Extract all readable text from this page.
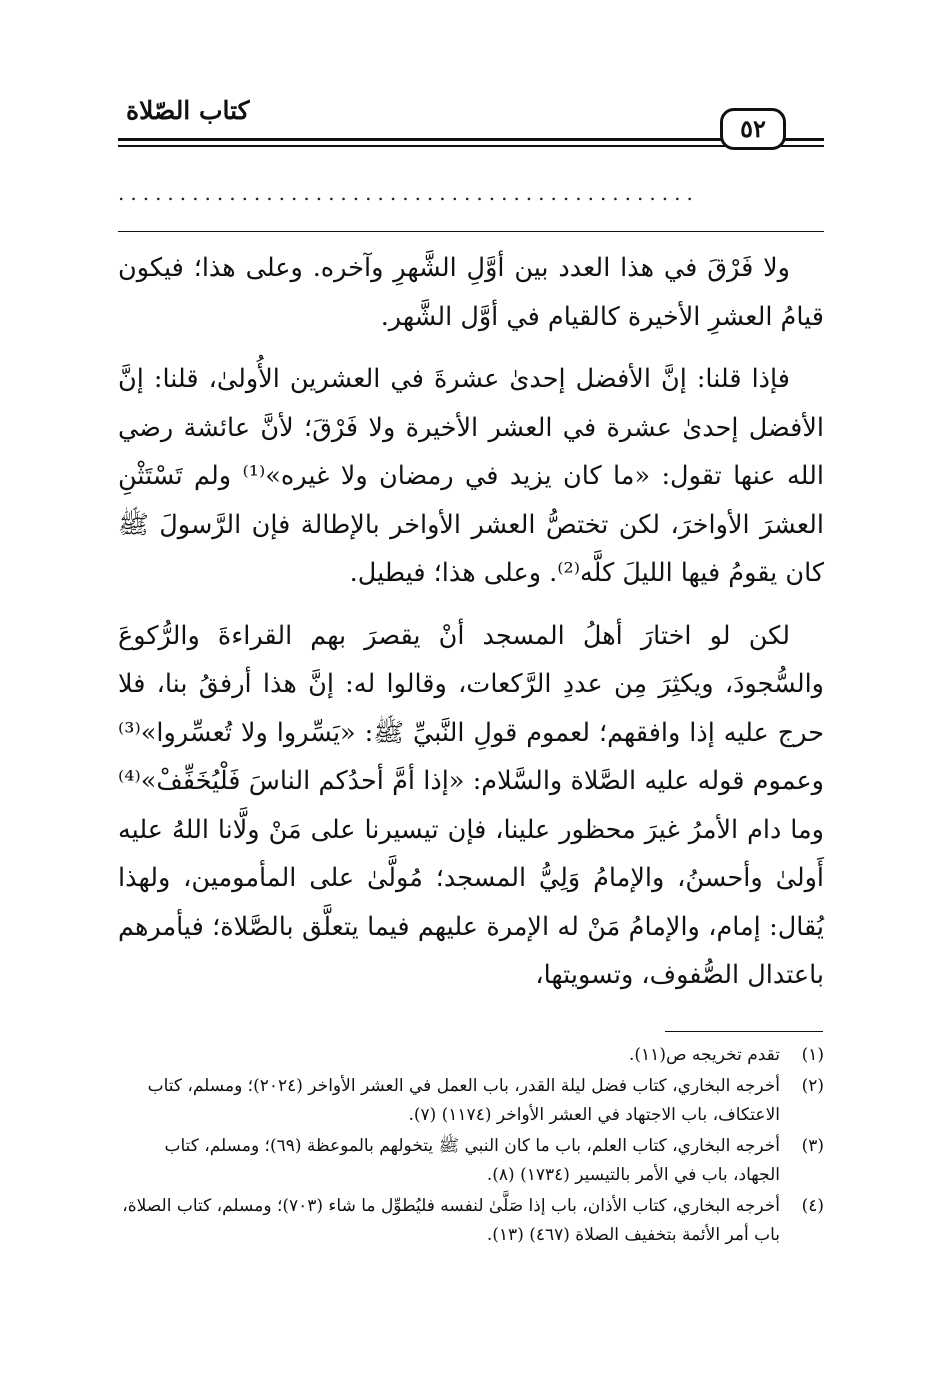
٥٢
كتاب الصّلاة
...............................................

ولا فَرْقَ في هذا العدد بين أوَّلِ الشَّهرِ وآخره. وعلى هذا؛ فيكون قيامُ العشرِ الأخيرة كالقيام في أوَّل الشَّهر.

فإذا قلنا: إنَّ الأفضل إحدىٰ عشرةَ في العشرين الأُولىٰ، قلنا: إنَّ الأفضل إحدىٰ عشرة في العشر الأخيرة ولا فَرْقَ؛ لأنَّ عائشة رضي الله عنها تقول: «ما كان يزيد في رمضان ولا غيره»⁽¹⁾ ولم تَسْتَثْنِ العشرَ الأواخرَ، لكن تختصُّ العشر الأواخر بالإطالة فإن الرَّسولَ ﷺ كان يقومُ فيها الليلَ كلَّه⁽²⁾. وعلى هذا؛ فيطيل.

لكن لو اختارَ أهلُ المسجد أنْ يقصرَ بهم القراءةَ والرُّكوعَ والسُّجودَ، ويكثِرَ مِن عددِ الرَّكعات، وقالوا له: إنَّ هذا أرفقُ بنا، فلا حرج عليه إذا وافقهم؛ لعموم قولِ النَّبيِّ ﷺ: «يَسِّروا ولا تُعسِّروا»⁽³⁾ وعموم قوله عليه الصَّلاة والسَّلام: «إذا أمَّ أحدُكم الناسَ فَلْيُخَفِّفْ»⁽⁴⁾ وما دام الأمرُ غيرَ محظور علينا، فإن تيسيرنا على مَنْ ولَّانا اللهُ عليه أَولىٰ وأحسنُ، والإمامُ وَلِيُّ المسجد؛ مُولَّىٰ على المأمومين، ولهذا يُقال: إمام، والإمامُ مَنْ له الإمرة عليهم فيما يتعلَّق بالصَّلاة؛ فيأمرهم باعتدال الصُّفوف، وتسويتها،

(١)
تقدم تخريجه ص(١١).
(٢)
أخرجه البخاري، كتاب فضل ليلة القدر، باب العمل في العشر الأواخر (٢٠٢٤)؛ ومسلم، كتاب الاعتكاف، باب الاجتهاد في العشر الأواخر (١١٧٤) (٧).
(٣)
أخرجه البخاري، كتاب العلم، باب ما كان النبي ﷺ يتخولهم بالموعظة (٦٩)؛ ومسلم، كتاب الجهاد، باب في الأمر بالتيسير (١٧٣٤) (٨).
(٤)
أخرجه البخاري، كتاب الأذان، باب إذا صَلَّىٰ لنفسه فليُطوِّل ما شاء (٧٠٣)؛ ومسلم، كتاب الصلاة، باب أمر الأئمة بتخفيف الصلاة (٤٦٧) (١٣).
